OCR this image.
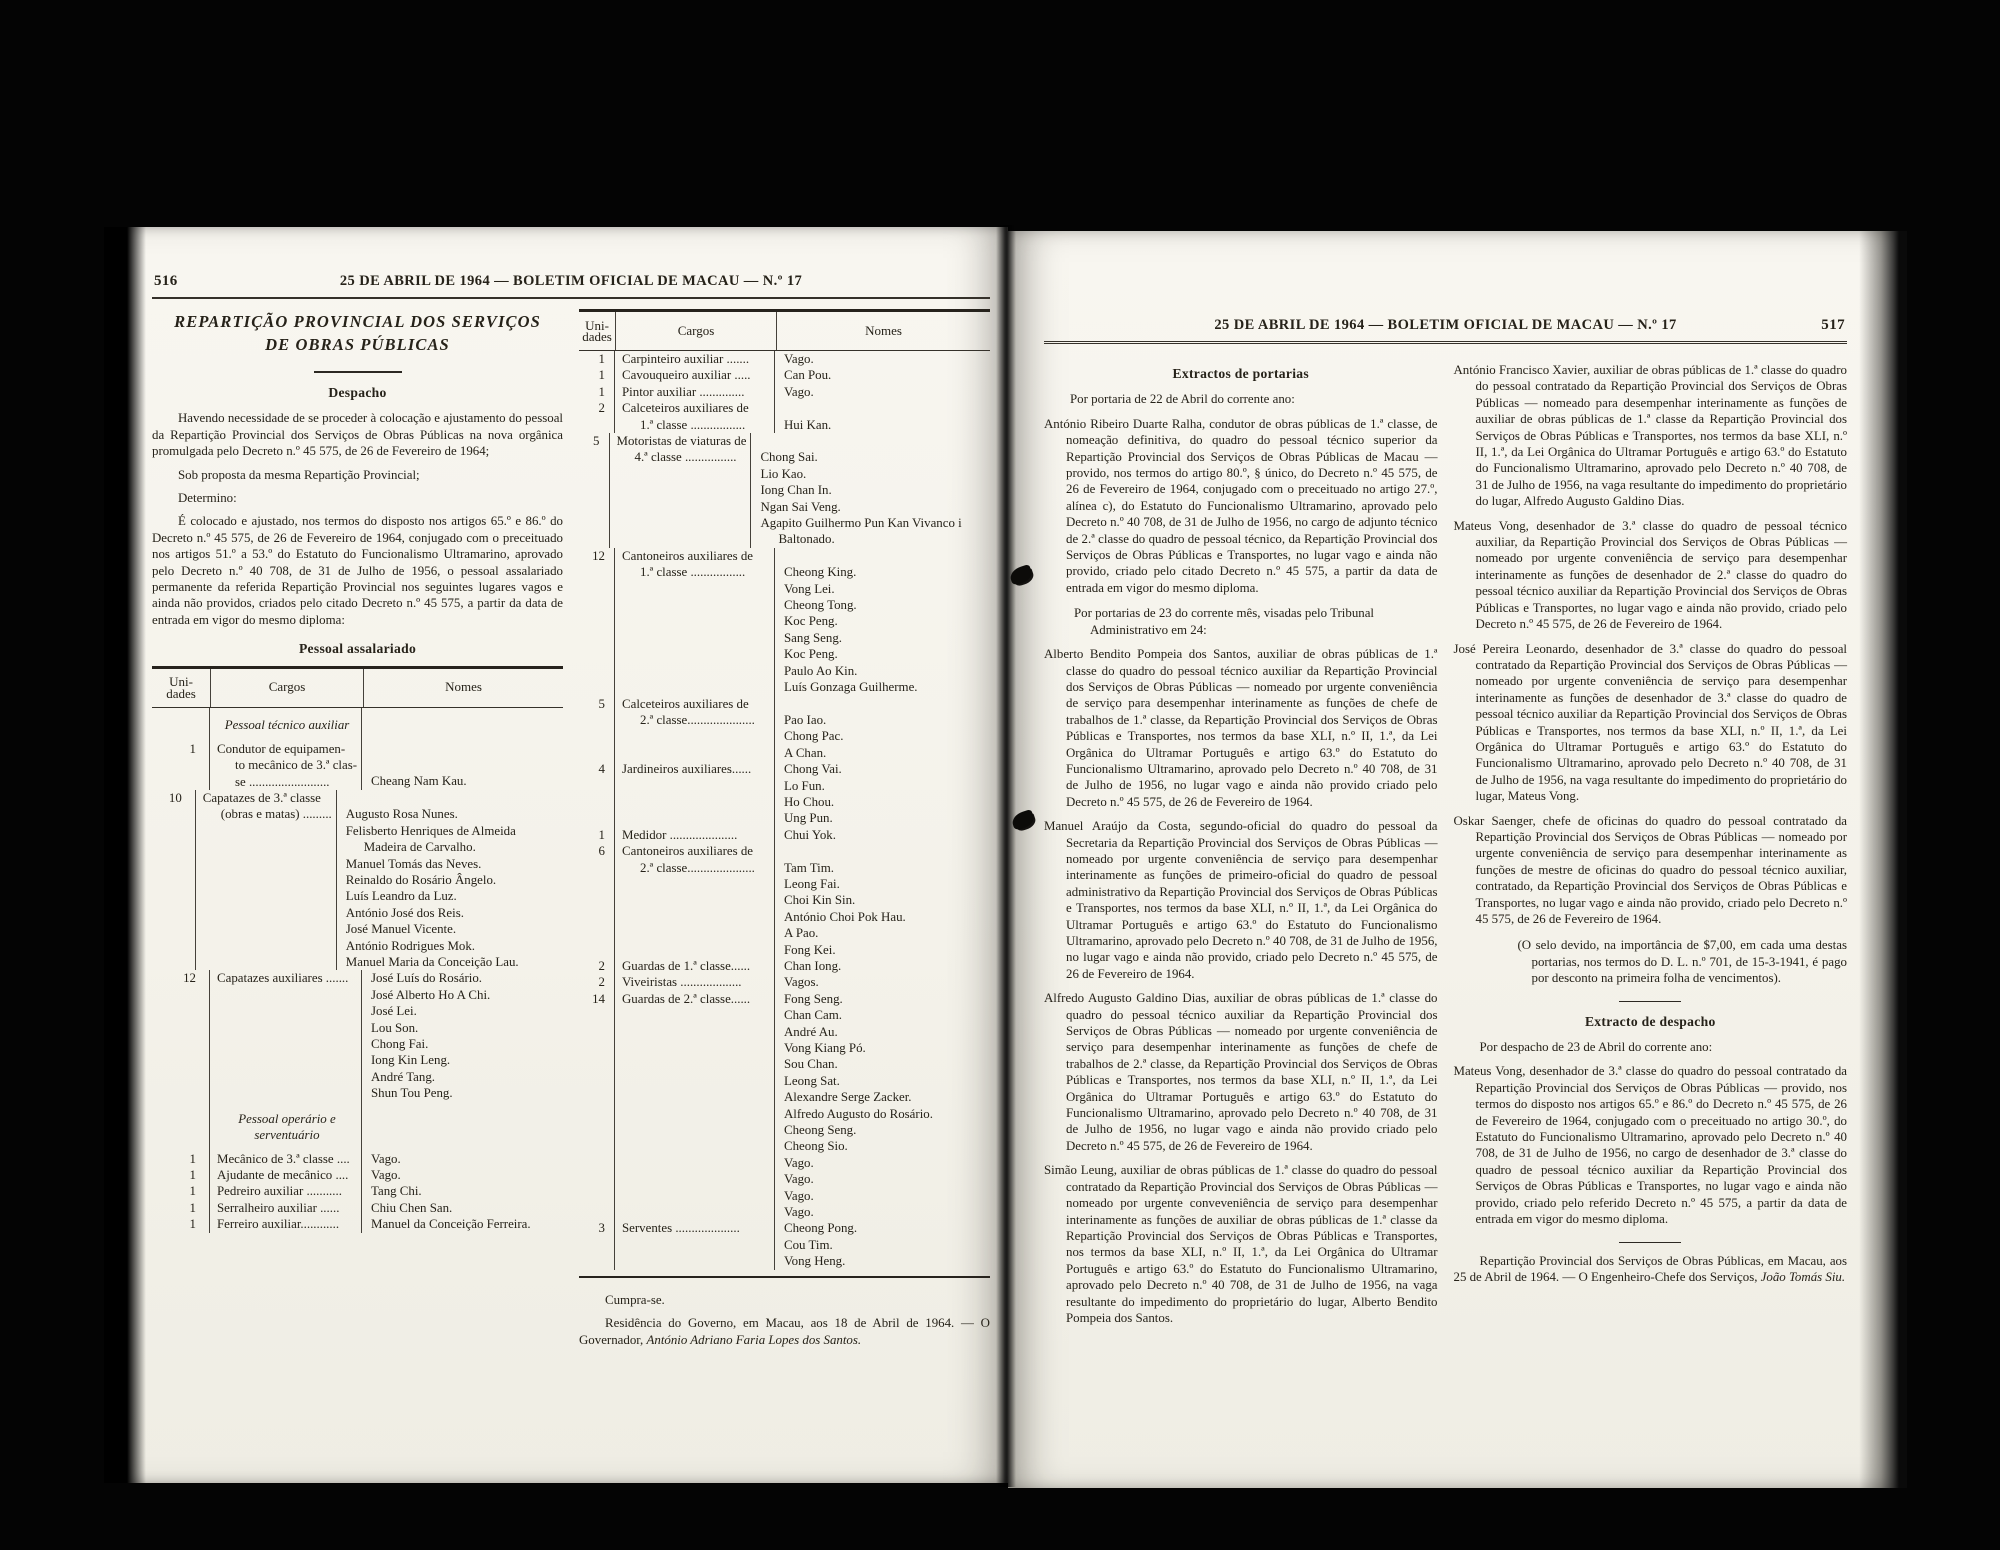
516	25 DE ABRIL DE 1964 — BOLETIM OFICIAL DE MACAU — N.º 17
REPARTIÇÃO PROVINCIAL DOS SERVIÇOS
DE OBRAS PÚBLICAS
Despacho
Havendo necessidade de se proceder à colocação e ajustamento do pessoal da Repartição Provincial dos Serviços de Obras Públicas na nova orgânica promulgada pelo Decreto n.º 45 575, de 26 de Fevereiro de 1964;
Sob proposta da mesma Repartição Provincial;
Determino:
É colocado e ajustado, nos termos do disposto nos artigos 65.º e 86.º do Decreto n.º 45 575, de 26 de Fevereiro de 1964, conjugado com o preceituado nos artigos 51.º a 53.º do Estatuto do Funcionalismo Ultramarino, aprovado pelo Decreto n.º 40 708, de 31 de Julho de 1956, o pessoal assalariado permanente da referida Repartição Provincial nos seguintes lugares vagos e ainda não providos, criados pelo citado Decreto n.º 45 575, a partir da data de entrada em vigor do mesmo diploma:
Pessoal assalariado
Uni-
dades	Cargos	Nomes
Pessoal técnico auxiliar
1	Condutor de equipamen-
to mecânico de 3.ª clas-
se .........................	Cheang Nam Kau.
10	Capatazes de 3.ª classe
(obras e matas) ......... Augusto Rosa Nunes.
Felisberto Henriques de Almeida Madeira de Carvalho.
Manuel Tomás das Neves.
Reinaldo do Rosário Ângelo.
Luís Leandro da Luz.
António José dos Reis.
José Manuel Vicente.
António Rodrigues Mok.
Manuel Maria da Conceição Lau.
12	Capatazes auxiliares .......	José Luís do Rosário.
José Alberto Ho A Chi.
José Lei.
Lou Son.
Chong Fai.
Iong Kin Leng.
André Tang.
Shun Tou Peng.
Pessoal operário e serventuário
1	Mecânico de 3.ª classe ....	Vago.
1	Ajudante de mecânico ....	Vago.
1	Pedreiro auxiliar ...........	Tang Chi.
1	Serralheiro auxiliar ......	Chiu Chen San.
1	Ferreiro auxiliar............	Manuel da Conceição Ferreira.
Uni-
dades	Cargos	Nomes
1	Carpinteiro auxiliar .......	Vago.
1	Cavouqueiro auxiliar .....	Can Pou.
1	Pintor auxiliar ..............	Vago.
2	Calceteiros auxiliares de
1.ª classe .................	Hui Kan.
5	Motoristas de viaturas de
4.ª classe ................	Chong Sai.
Lio Kao.
Iong Chan In.
Ngan Sai Veng.
Agapito Guilhermo Pun Kan Vivanco i Baltonado.
12	Cantoneiros auxiliares de
1.ª classe .................	Cheong King.
Vong Lei.
Cheong Tong.
Koc Peng.
Sang Seng.
Koc Peng.
Paulo Ao Kin.
Luís Gonzaga Guilherme.
5	Calceteiros auxiliares de
2.ª classe.....................	Pao Iao.
Chong Pac.
A Chan.
4	Jardineiros auxiliares......	Chong Vai.
Lo Fun.
Ho Chou.
Ung Pun.
1	Medidor .....................	Chui Yok.
6	Cantoneiros auxiliares de
2.ª classe.....................	Tam Tim.
Leong Fai.
Choi Kin Sin.
António Choi Pok Hau.
A Pao.
Fong Kei.
2	Guardas de 1.ª classe......	Chan Iong.
2	Viveiristas ...................	Vagos.
14	Guardas de 2.ª classe......	Fong Seng.
Chan Cam.
André Au.
Vong Kiang Pó.
Sou Chan.
Leong Sat.
Alexandre Serge Zacker.
Alfredo Augusto do Rosário.
Cheong Seng.
Cheong Sio.
Vago.
Vago.
Vago.
Vago.
3	Serventes ....................	Cheong Pong.
Cou Tim.
Vong Heng.
Cumpra-se.
Residência do Governo, em Macau, aos 18 de Abril de 1964. — O Governador, António Adriano Faria Lopes dos Santos.
25 DE ABRIL DE 1964 — BOLETIM OFICIAL DE MACAU — N.º 17	517
Extractos de portarias
Por portaria de 22 de Abril do corrente ano:
António Ribeiro Duarte Ralha, condutor de obras públicas de 1.ª classe, de nomeação definitiva, do quadro do pessoal técnico superior da Repartição Provincial dos Serviços de Obras Públicas de Macau — provido, nos termos do artigo 80.º, § único, do Decreto n.º 45 575, de 26 de Fevereiro de 1964, conjugado com o preceituado no artigo 27.º, alínea c), do Estatuto do Funcionalismo Ultramarino, aprovado pelo Decreto n.º 40 708, de 31 de Julho de 1956, no cargo de adjunto técnico de 2.ª classe do quadro de pessoal técnico, da Repartição Provincial dos Serviços de Obras Públicas e Transportes, no lugar vago e ainda não provido, criado pelo citado Decreto n.º 45 575, a partir da data de entrada em vigor do mesmo diploma.
Por portarias de 23 do corrente mês, visadas pelo Tribunal Administrativo em 24:
Alberto Bendito Pompeia dos Santos, auxiliar de obras públicas de 1.ª classe do quadro do pessoal técnico auxiliar da Repartição Provincial dos Serviços de Obras Públicas — nomeado por urgente conveniência de serviço para desempenhar interinamente as funções de chefe de trabalhos de 1.ª classe, da Repartição Provincial dos Serviços de Obras Públicas e Transportes, nos termos da base XLI, n.º II, 1.ª, da Lei Orgânica do Ultramar Português e artigo 63.º do Estatuto do Funcionalismo Ultramarino, aprovado pelo Decreto n.º 40 708, de 31 de Julho de 1956, no lugar vago e ainda não provido criado pelo Decreto n.º 45 575, de 26 de Fevereiro de 1964.
Manuel Araújo da Costa, segundo-oficial do quadro do pessoal da Secretaria da Repartição Provincial dos Serviços de Obras Públicas — nomeado por urgente conveniência de serviço para desempenhar interinamente as funções de primeiro-oficial do quadro de pessoal administrativo da Repartição Provincial dos Serviços de Obras Públicas e Transportes, nos termos da base XLI, n.º II, 1.ª, da Lei Orgânica do Ultramar Português e artigo 63.º do Estatuto do Funcionalismo Ultramarino, aprovado pelo Decreto n.º 40 708, de 31 de Julho de 1956, no lugar vago e ainda não provido, criado pelo Decreto n.º 45 575, de 26 de Fevereiro de 1964.
Alfredo Augusto Galdino Dias, auxiliar de obras públicas de 1.ª classe do quadro do pessoal técnico auxiliar da Repartição Provincial dos Serviços de Obras Públicas — nomeado por urgente conveniência de serviço para desempenhar interinamente as funções de chefe de trabalhos de 2.ª classe, da Repartição Provincial dos Serviços de Obras Públicas e Transportes, nos termos da base XLI, n.º II, 1.ª, da Lei Orgânica do Ultramar Português e artigo 63.º do Estatuto do Funcionalismo Ultramarino, aprovado pelo Decreto n.º 40 708, de 31 de Julho de 1956, no lugar vago e ainda não provido criado pelo Decreto n.º 45 575, de 26 de Fevereiro de 1964.
Simão Leung, auxiliar de obras públicas de 1.ª classe do quadro do pessoal contratado da Repartição Provincial dos Serviços de Obras Públicas — nomeado por urgente conveveniência de serviço para desempenhar interinamente as funções de auxiliar de obras públicas de 1.ª classe da Repartição Provincial dos Serviços de Obras Públicas e Transportes, nos termos da base XLI, n.º II, 1.ª, da Lei Orgânica do Ultramar Português e artigo 63.º do Estatuto do Funcionalismo Ultramarino, aprovado pelo Decreto n.º 40 708, de 31 de Julho de 1956, na vaga resultante do impedimento do proprietário do lugar, Alberto Bendito Pompeia dos Santos.
António Francisco Xavier, auxiliar de obras públicas de 1.ª classe do quadro do pessoal contratado da Repartição Provincial dos Serviços de Obras Públicas — nomeado para desempenhar interinamente as funções de auxiliar de obras públicas de 1.ª classe da Repartição Provincial dos Serviços de Obras Públicas e Transportes, nos termos da base XLI, n.º II, 1.ª, da Lei Orgânica do Ultramar Português e artigo 63.º do Estatuto do Funcionalismo Ultramarino, aprovado pelo Decreto n.º 40 708, de 31 de Julho de 1956, na vaga resultante do impedimento do proprietário do lugar, Alfredo Augusto Galdino Dias.
Mateus Vong, desenhador de 3.ª classe do quadro de pessoal técnico auxiliar, da Repartição Provincial dos Serviços de Obras Públicas — nomeado por urgente conveniência de serviço para desempenhar interinamente as funções de desenhador de 2.ª classe do quadro do pessoal técnico auxiliar da Repartição Provincial dos Serviços de Obras Públicas e Transportes, no lugar vago e ainda não provido, criado pelo Decreto n.º 45 575, de 26 de Fevereiro de 1964.
José Pereira Leonardo, desenhador de 3.ª classe do quadro do pessoal contratado da Repartição Provincial dos Serviços de Obras Públicas — nomeado por urgente conveniência de serviço para desempenhar interinamente as funções de desenhador de 3.ª classe do quadro de pessoal técnico auxiliar da Repartição Provincial dos Serviços de Obras Públicas e Transportes, nos termos da base XLI, n.º II, 1.ª, da Lei Orgânica do Ultramar Português e artigo 63.º do Estatuto do Funcionalismo Ultramarino, aprovado pelo Decreto n.º 40 708, de 31 de Julho de 1956, na vaga resultante do impedimento do proprietário do lugar, Mateus Vong.
Oskar Saenger, chefe de oficinas do quadro do pessoal contratado da Repartição Provincial dos Serviços de Obras Públicas — nomeado por urgente conveniência de serviço para desempenhar interinamente as funções de mestre de oficinas do quadro do pessoal técnico auxiliar, contratado, da Repartição Provincial dos Serviços de Obras Públicas e Transportes, no lugar vago e ainda não provido, criado pelo Decreto n.º 45 575, de 26 de Fevereiro de 1964.
(O selo devido, na importância de $7,00, em cada uma destas portarias, nos termos do D. L. n.º 701, de 15-3-1941, é pago por desconto na primeira folha de vencimentos).
Extracto de despacho
Por despacho de 23 de Abril do corrente ano:
Mateus Vong, desenhador de 3.ª classe do quadro do pessoal contratado da Repartição Provincial dos Serviços de Obras Públicas — provido, nos termos do disposto nos artigos 65.º e 86.º do Decreto n.º 45 575, de 26 de Fevereiro de 1964, conjugado com o preceituado no artigo 30.º, do Estatuto do Funcionalismo Ultramarino, aprovado pelo Decreto n.º 40 708, de 31 de Julho de 1956, no cargo de desenhador de 3.ª classe do quadro de pessoal técnico auxiliar da Repartição Provincial dos Serviços de Obras Públicas e Transportes, no lugar vago e ainda não provido, criado pelo referido Decreto n.º 45 575, a partir da data de entrada em vigor do mesmo diploma.
Repartição Provincial dos Serviços de Obras Públicas, em Macau, aos 25 de Abril de 1964. — O Engenheiro-Chefe dos Serviços, João Tomás Siu.
